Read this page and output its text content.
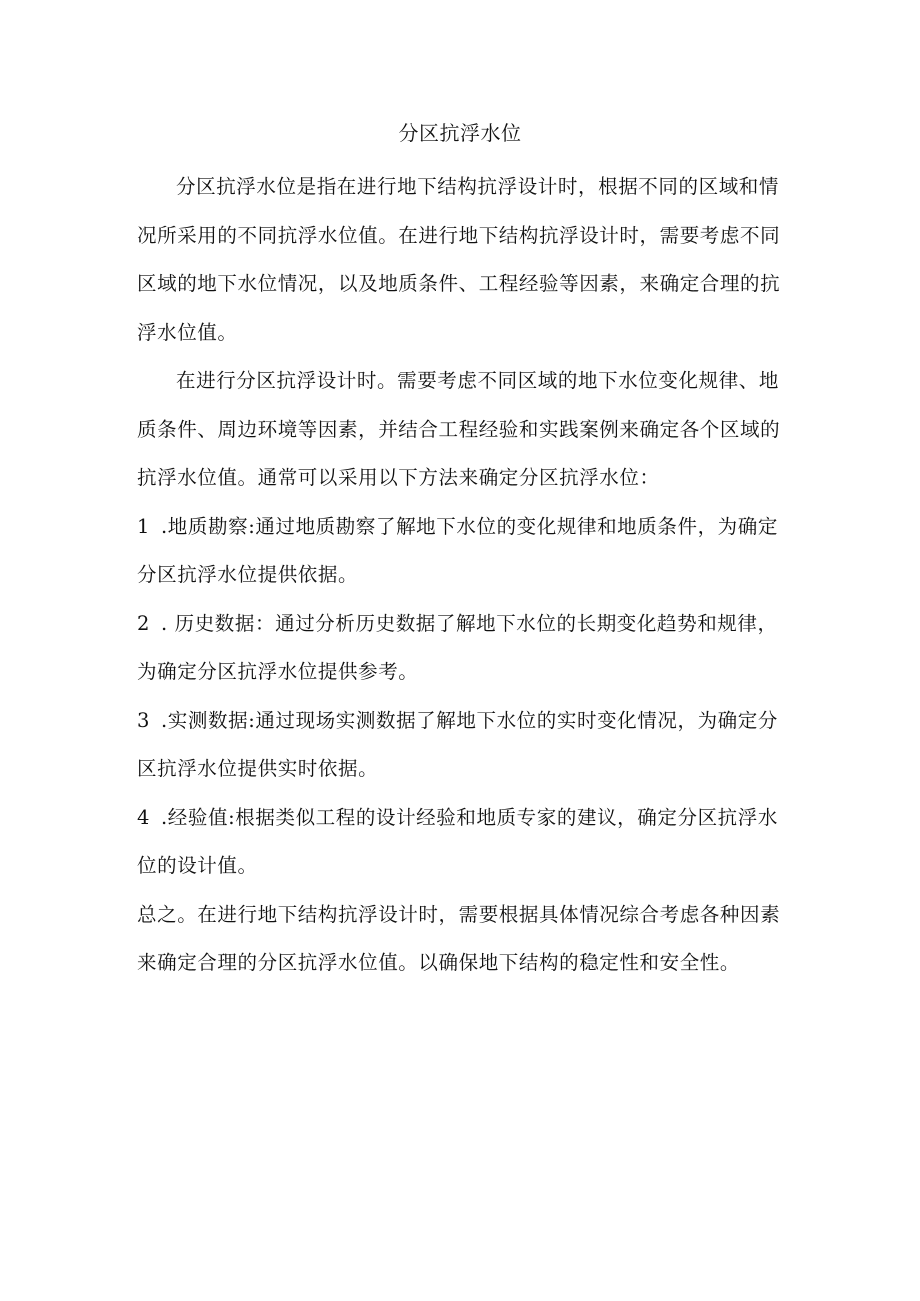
分区抗浮水位

分区抗浮水位是指在进行地下结构抗浮设计时，根据不同的区域和情况所采用的不同抗浮水位值。在进行地下结构抗浮设计时，需要考虑不同区域的地下水位情况，以及地质条件、工程经验等因素，来确定合理的抗浮水位值。

在进行分区抗浮设计时。需要考虑不同区域的地下水位变化规律、地质条件、周边环境等因素，并结合工程经验和实践案例来确定各个区域的抗浮水位值。通常可以采用以下方法来确定分区抗浮水位：

1 .地质勘察:通过地质勘察了解地下水位的变化规律和地质条件，为确定分区抗浮水位提供依据。

2 . 历史数据：通过分析历史数据了解地下水位的长期变化趋势和规律，为确定分区抗浮水位提供参考。

3 .实测数据:通过现场实测数据了解地下水位的实时变化情况，为确定分区抗浮水位提供实时依据。

4 .经验值:根据类似工程的设计经验和地质专家的建议，确定分区抗浮水位的设计值。

总之。在进行地下结构抗浮设计时，需要根据具体情况综合考虑各种因素来确定合理的分区抗浮水位值。以确保地下结构的稳定性和安全性。
